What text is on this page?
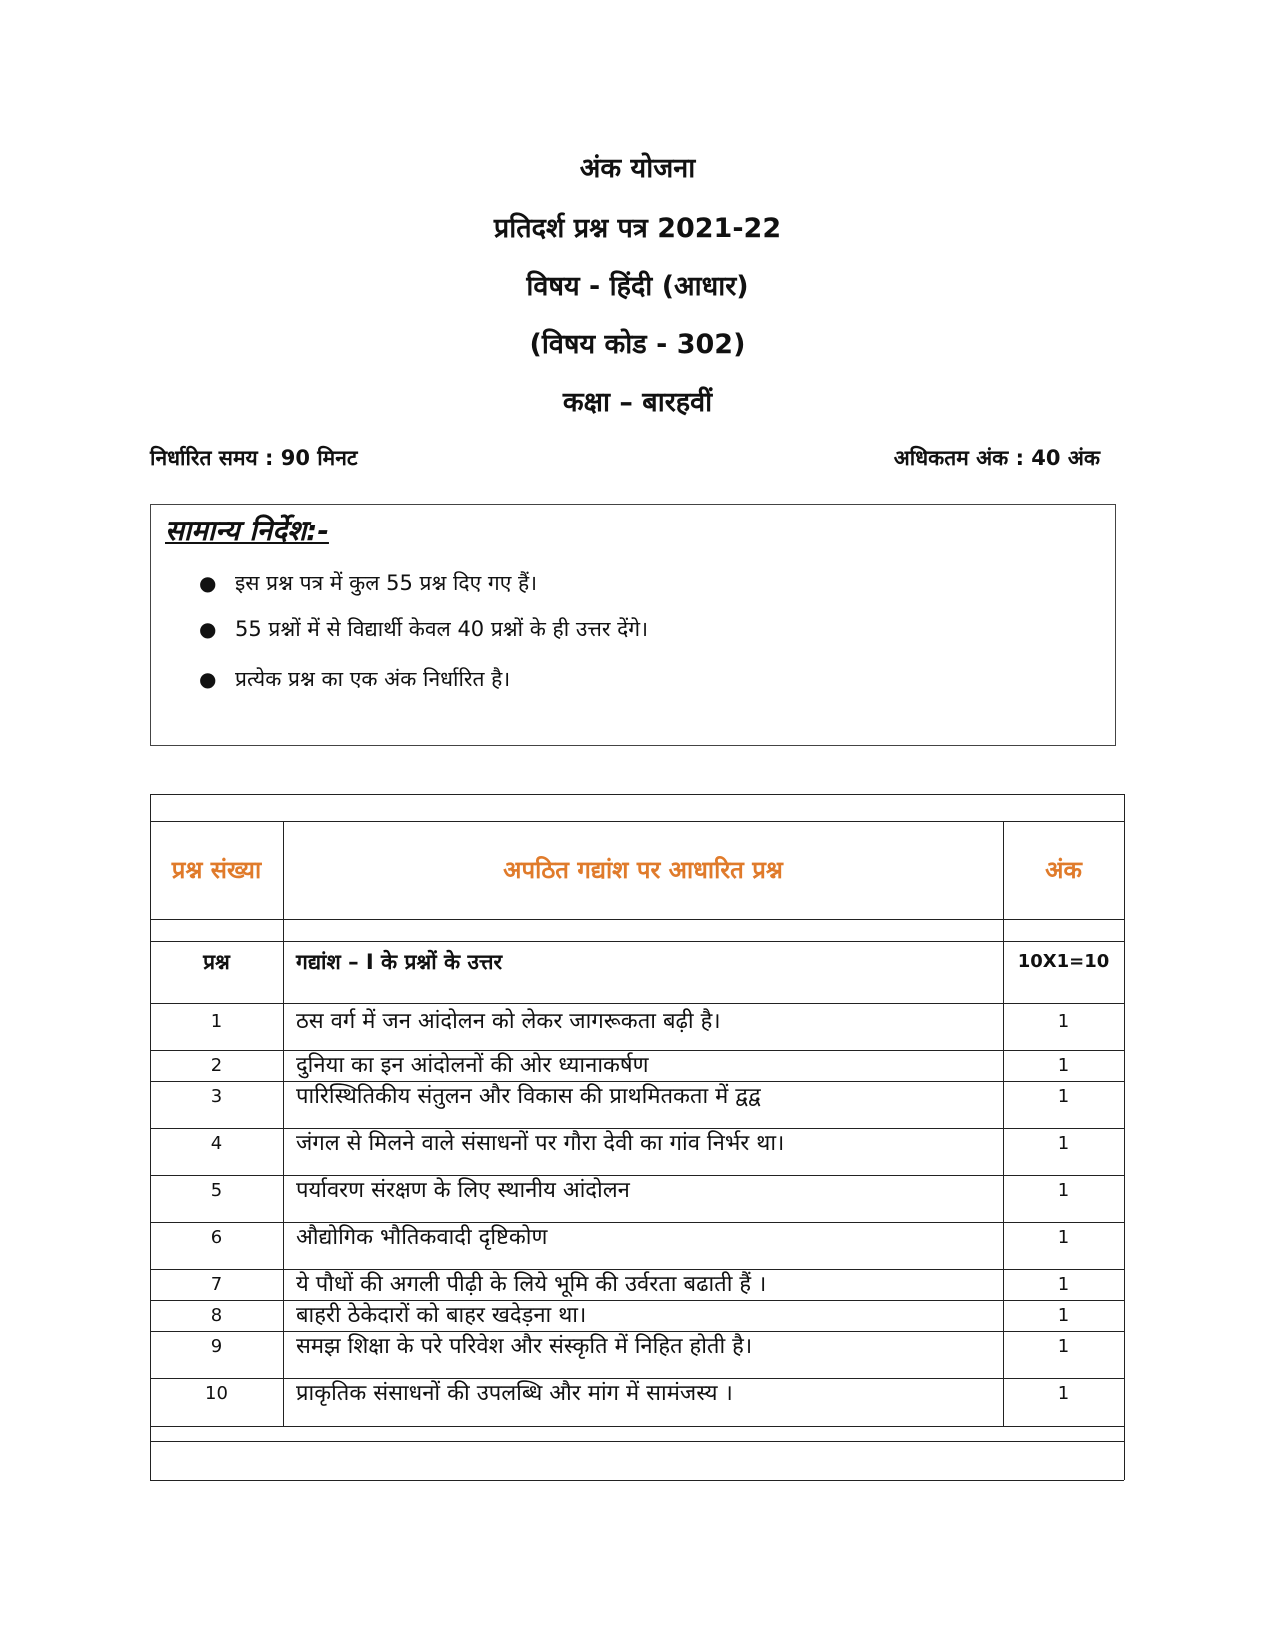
अंक योजना
प्रतिदर्श प्रश्न पत्र 2021-22
विषय - हिंदी (आधार)
(विषय कोड - 302)
कक्षा – बारहवीं
निर्धारित समय : 90 मिनट	अधिकतम अंक : 40 अंक
सामान्य निर्देश:-
● इस प्रश्न पत्र में कुल 55 प्रश्न दिए गए हैं।
● 55 प्रश्नों में से विद्यार्थी केवल 40 प्रश्नों के ही उत्तर देंगे।
● प्रत्येक प्रश्न का एक अंक निर्धारित है।
प्रश्न संख्या	अपठित गद्यांश पर आधारित प्रश्न	अंक
प्रश्न	गद्यांश – I के प्रश्नों के उत्तर	10X1=10
1	ठस वर्ग में जन आंदोलन को लेकर जागरूकता बढ़ी है।	1
2	दुनिया का इन आंदोलनों की ओर ध्यानाकर्षण	1
3	पारिस्थितिकीय संतुलन और विकास की प्राथमितकता में द्वद्व	1
4	जंगल से मिलने वाले संसाधनों पर गौरा देवी का गांव निर्भर था।	1
5	पर्यावरण संरक्षण के लिए स्थानीय आंदोलन	1
6	औद्योगिक भौतिकवादी दृष्टिकोण	1
7	ये पौधों की अगली पीढ़ी के लिये भूमि की उर्वरता बढाती हैं ।	1
8	बाहरी ठेकेदारों को बाहर खदेड़ना था।	1
9	समझ शिक्षा के परे परिवेश और संस्कृति में निहित होती है।	1
10	प्राकृतिक संसाधनों की उपलब्धि और मांग में सामंजस्य ।	1
